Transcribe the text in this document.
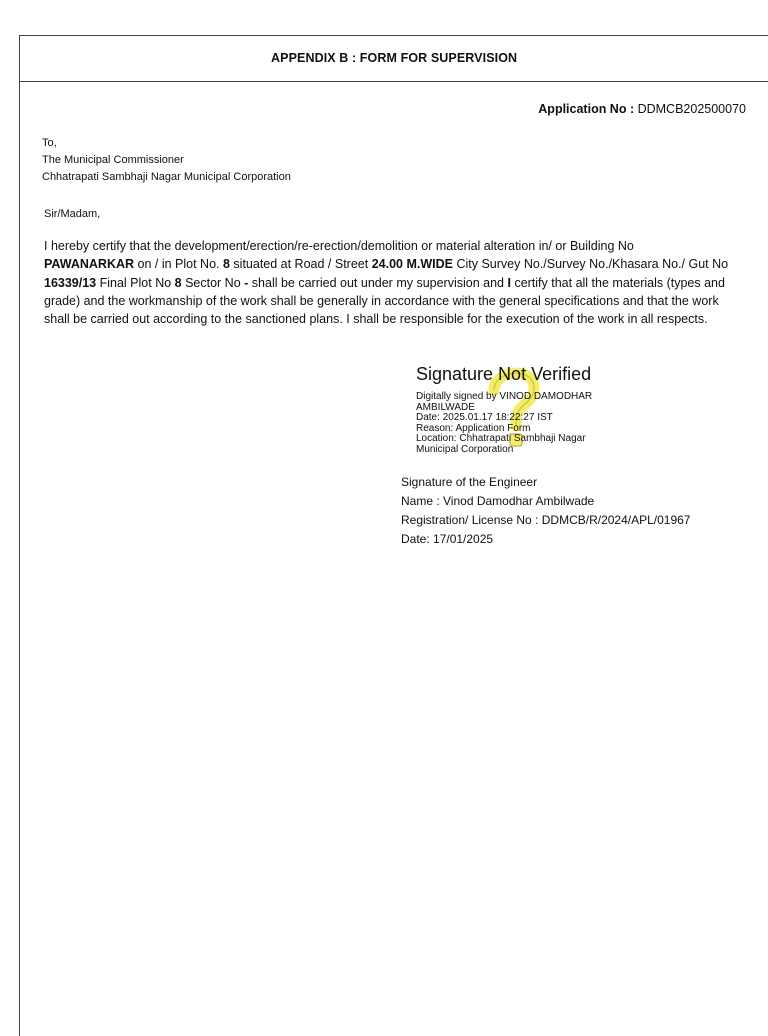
APPENDIX B : FORM FOR SUPERVISION
Application No : DDMCB202500070
To,
The Municipal Commissioner
Chhatrapati Sambhaji Nagar Municipal Corporation
Sir/Madam,
I hereby certify that the development/erection/re-erection/demolition or material alteration in/ or Building No
PAWANARKAR on / in Plot No. 8 situated at Road / Street 24.00 M.WIDE City Survey No./Survey No./Khasara No./ Gut No 16339/13 Final Plot No 8 Sector No - shall be carried out under my supervision and I certify that all the materials (types and grade) and the workmanship of the work shall be generally in accordance with the general specifications and that the work shall be carried out according to the sanctioned plans. I shall be responsible for the execution of the work in all respects.
Signature Not Verified
Digitally signed by VINOD DAMODHAR
AMBILWADE
Date: 2025.01.17 18:22:27 IST
Reason: Application Form
Location: Chhatrapati Sambhaji Nagar
Municipal Corporation
Signature of the Engineer
Name : Vinod Damodhar Ambilwade
Registration/ License No : DDMCB/R/2024/APL/01967
Date: 17/01/2025
